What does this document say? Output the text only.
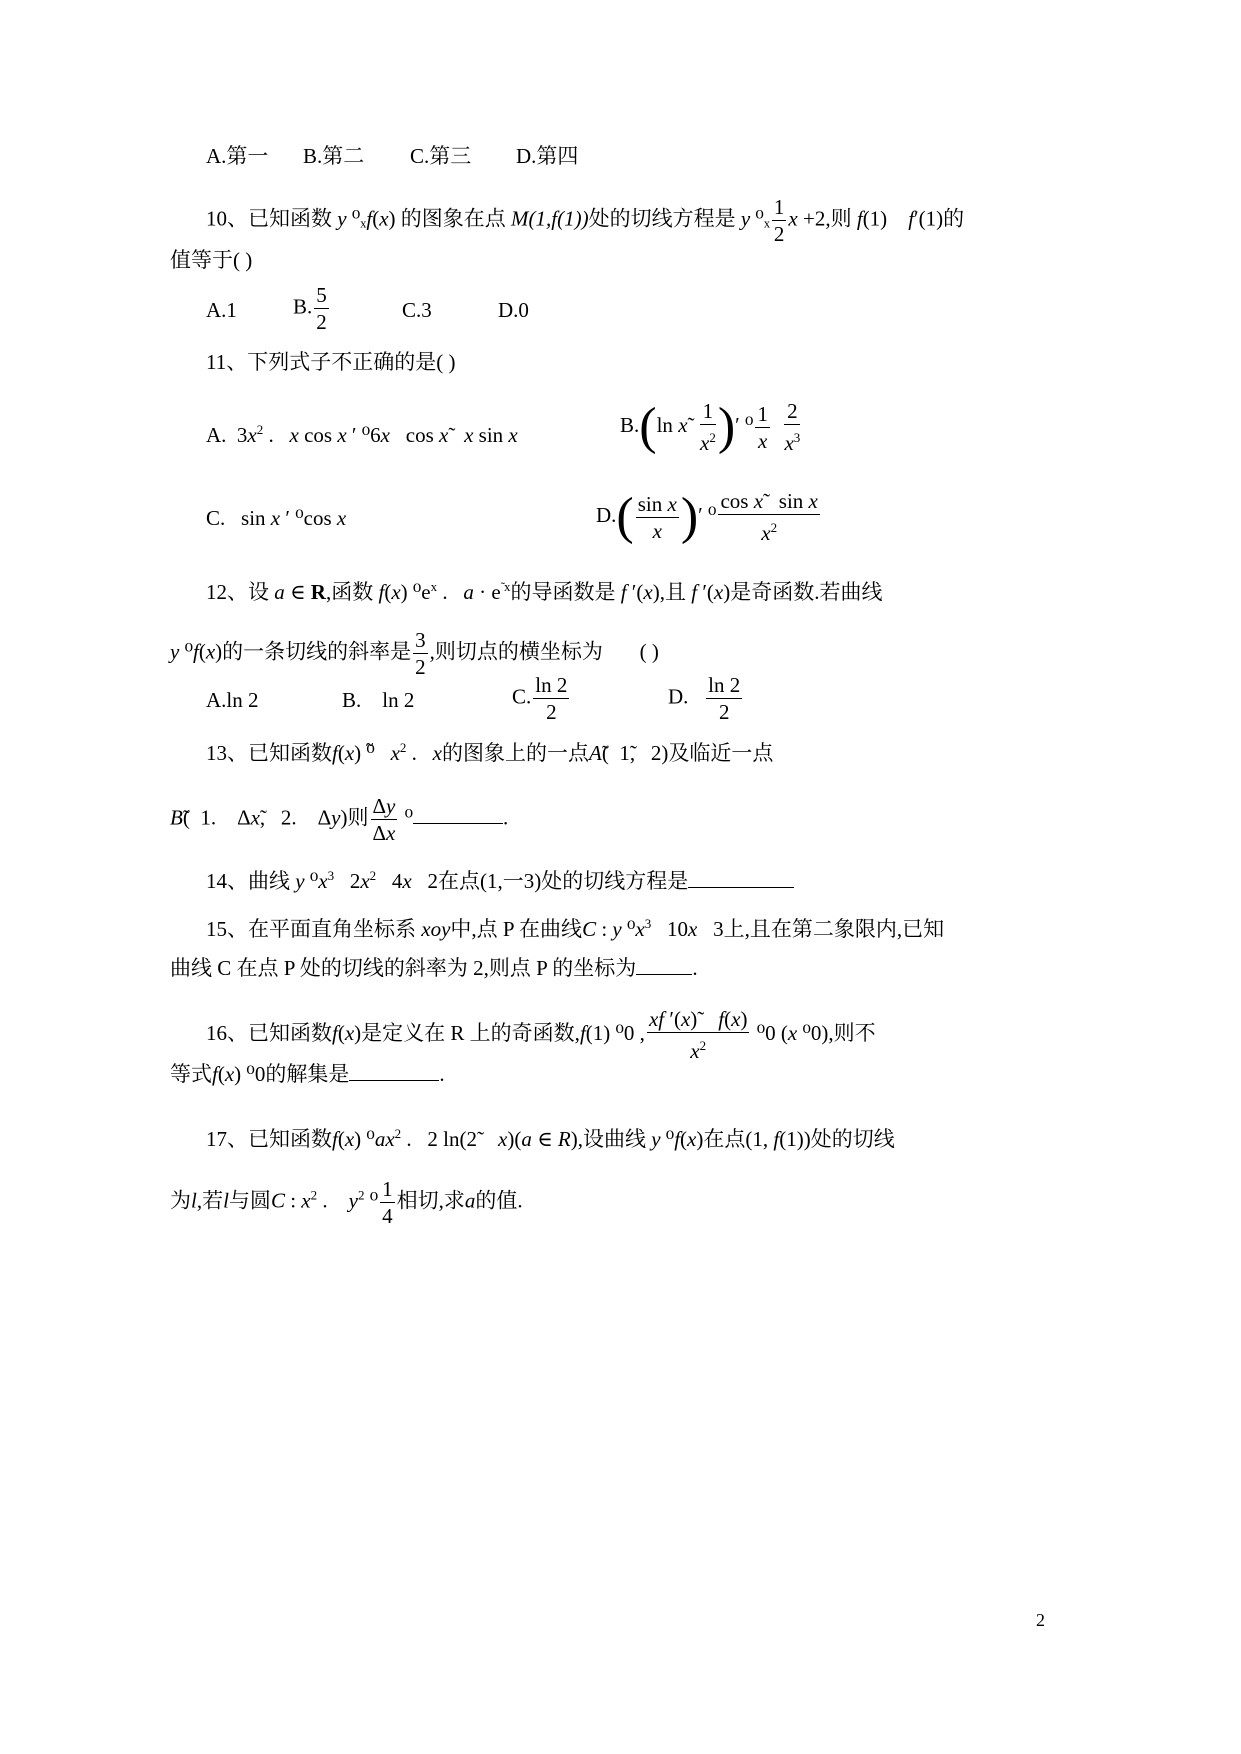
A.第一 B.第二 C.第三 D.第四
10、已知函数 y ⁰ₓf(x) 的图象在点 M(1,f(1))处的切线方程是 y $^0_x \frac{1}{2}$ x +2,则 f(1)    f′(1)的
值等于( )
A.1	B. $\frac{5}{2}$	C.3	D.0
11、下列式子不正确的是( )
A.  $3x^2$ .   x cos x ′ ⁰6x   cos x̃   x sin x	B.(ln x̃ $\frac{1}{x^2}$ )′ $^0 \frac{1}{x}$
$\frac{2}{x^3}$
C.   sin x ′ ⁰cos x	$D.( \frac{\text{sin x}}{x}$ )′ $^0 \frac{\text{cos x̃   sin x}}{x^2}$
12、设 a ∈ R,函数 f(x) $^0e^x$ .   $a \cdot e^{̃ x}$的导函数是 f ′(x),且 f ′(x)是奇函数.若曲线
y ⁰f(x)的一条切线的斜率是 $\frac{3}{2}$ ,则切点的横坐标为 ( )
A.ln 2	B. ln 2	C. $\frac{\ln 2}{2}$	D. $\frac{\ln 2}{2}$
13、已知函数f(x) ⁰̃   $x^2$ .   x的图象上的一点Ã(  1̃,   2)及临近一点
B̃(  1.    Δx̃,   2.    Δy)则 $\frac{\Delta y}{\Delta x} ^0$	.
14、曲线 y $^0x^3$   $2x^2$   4x   2在点(1,一3)处的切线方程是
15、在平面直角坐标系 xoy中,点 P 在曲线C : y $^0x^3$   10x   3上,且在第二象限内,已知
曲线 C 在点 P 处的切线的斜率为 2,则点 P 的坐标为	.
16、已知函数f(x)是定义在 R 上的奇函数,f(1) ⁰0 , $\frac{xf '(x)̃ f(x)}{x^2} ^00$ (x ⁰0),则不
等式f(x) ⁰0的解集是	.
17、已知函数f(x) $^0ax^2$ .   2 ln(2̃    x)(a ∈ R),设曲线 y ⁰f(x)在点(1, f(1))处的切线
为l,若l与圆C : $x^2$ .    $y^2$ $^0 \frac{1}{4}$ 相切,求a的值.
2
